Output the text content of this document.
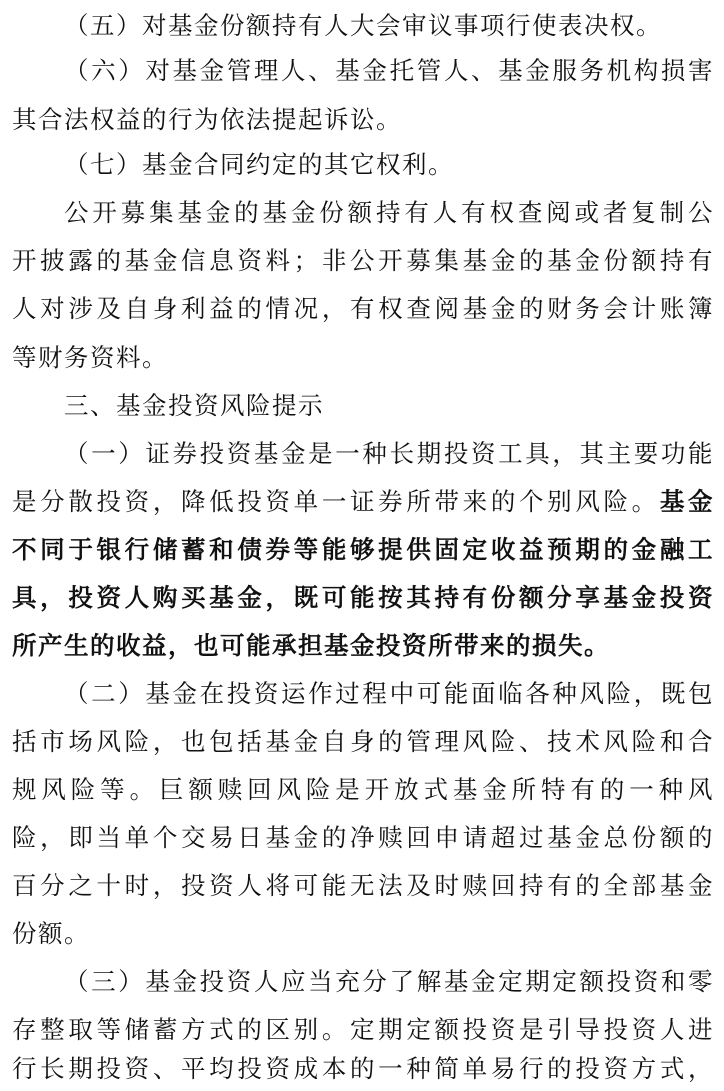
（五）对基金份额持有人大会审议事项行使表决权。
（六）对基金管理人、基金托管人、基金服务机构损害
其合法权益的行为依法提起诉讼。
（七）基金合同约定的其它权利。
公开募集基金的基金份额持有人有权查阅或者复制公
开披露的基金信息资料；非公开募集基金的基金份额持有
人对涉及自身利益的情况，有权查阅基金的财务会计账簿
等财务资料。
三、基金投资风险提示
（一）证券投资基金是一种长期投资工具，其主要功能
是分散投资，降低投资单一证券所带来的个别风险。基金
不同于银行储蓄和债券等能够提供固定收益预期的金融工
具，投资人购买基金，既可能按其持有份额分享基金投资
所产生的收益，也可能承担基金投资所带来的损失。
（二）基金在投资运作过程中可能面临各种风险，既包
括市场风险，也包括基金自身的管理风险、技术风险和合
规风险等。巨额赎回风险是开放式基金所特有的一种风
险，即当单个交易日基金的净赎回申请超过基金总份额的
百分之十时，投资人将可能无法及时赎回持有的全部基金
份额。
（三）基金投资人应当充分了解基金定期定额投资和零
存整取等储蓄方式的区别。定期定额投资是引导投资人进
行长期投资、平均投资成本的一种简单易行的投资方式，
